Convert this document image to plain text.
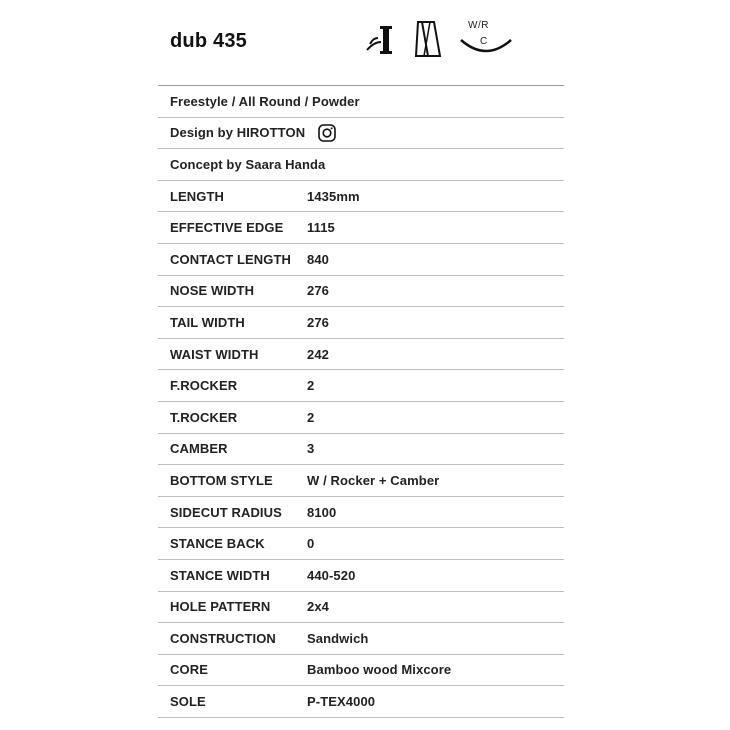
dub 435
W/R
C
Freestyle / All Round / Powder
Design by HIROTTON
Concept by Saara Handa
LENGTH	1435mm
EFFECTIVE EDGE	1115
CONTACT LENGTH	840
NOSE WIDTH	276
TAIL WIDTH	276
WAIST WIDTH	242
F.ROCKER	2
T.ROCKER	2
CAMBER	3
BOTTOM STYLE	W / Rocker + Camber
SIDECUT RADIUS	8100
STANCE BACK	0
STANCE WIDTH	440-520
HOLE PATTERN	2x4
CONSTRUCTION	Sandwich
CORE	Bamboo wood Mixcore
SOLE	P-TEX4000
